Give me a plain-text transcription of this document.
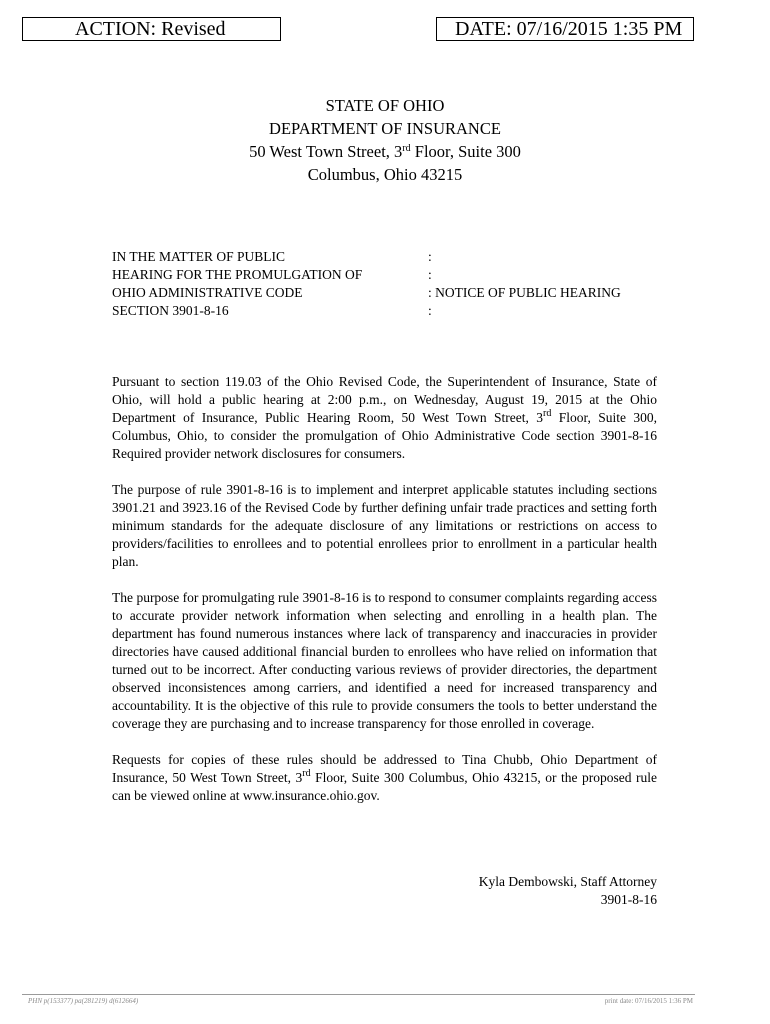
ACTION: Revised	DATE: 07/16/2015 1:35 PM
STATE OF OHIO
DEPARTMENT OF INSURANCE
50 West Town Street, 3rd Floor, Suite 300
Columbus, Ohio 43215
IN THE MATTER OF PUBLIC
HEARING FOR THE PROMULGATION OF
OHIO ADMINISTRATIVE CODE
SECTION 3901-8-16
:
:
: NOTICE OF PUBLIC HEARING
:

Pursuant to section 119.03 of the Ohio Revised Code, the Superintendent of Insurance, State of Ohio, will hold a public hearing at 2:00 p.m., on Wednesday, August 19, 2015 at the Ohio Department of Insurance, Public Hearing Room, 50 West Town Street, 3rd Floor, Suite 300, Columbus, Ohio, to consider the promulgation of Ohio Administrative Code section 3901-8-16 Required provider network disclosures for consumers.

The purpose of rule 3901-8-16 is to implement and interpret applicable statutes including sections 3901.21 and 3923.16 of the Revised Code by further defining unfair trade practices and setting forth minimum standards for the adequate disclosure of any limitations or restrictions on access to providers/facilities to enrollees and to potential enrollees prior to enrollment in a particular health plan.

The purpose for promulgating rule 3901-8-16 is to respond to consumer complaints regarding access to accurate provider network information when selecting and enrolling in a health plan. The department has found numerous instances where lack of transparency and inaccuracies in provider directories have caused additional financial burden to enrollees who have relied on information that turned out to be incorrect. After conducting various reviews of provider directories, the department observed inconsistences among carriers, and identified a need for increased transparency and accountability. It is the objective of this rule to provide consumers the tools to better understand the coverage they are purchasing and to increase transparency for those enrolled in coverage.

Requests for copies of these rules should be addressed to Tina Chubb, Ohio Department of Insurance, 50 West Town Street, 3rd Floor, Suite 300 Columbus, Ohio 43215, or the proposed rule can be viewed online at www.insurance.ohio.gov.

Kyla Dembowski, Staff Attorney
3901-8-16
PHN p(153377) pa(281219) d(612664)	print date: 07/16/2015 1:36 PM
